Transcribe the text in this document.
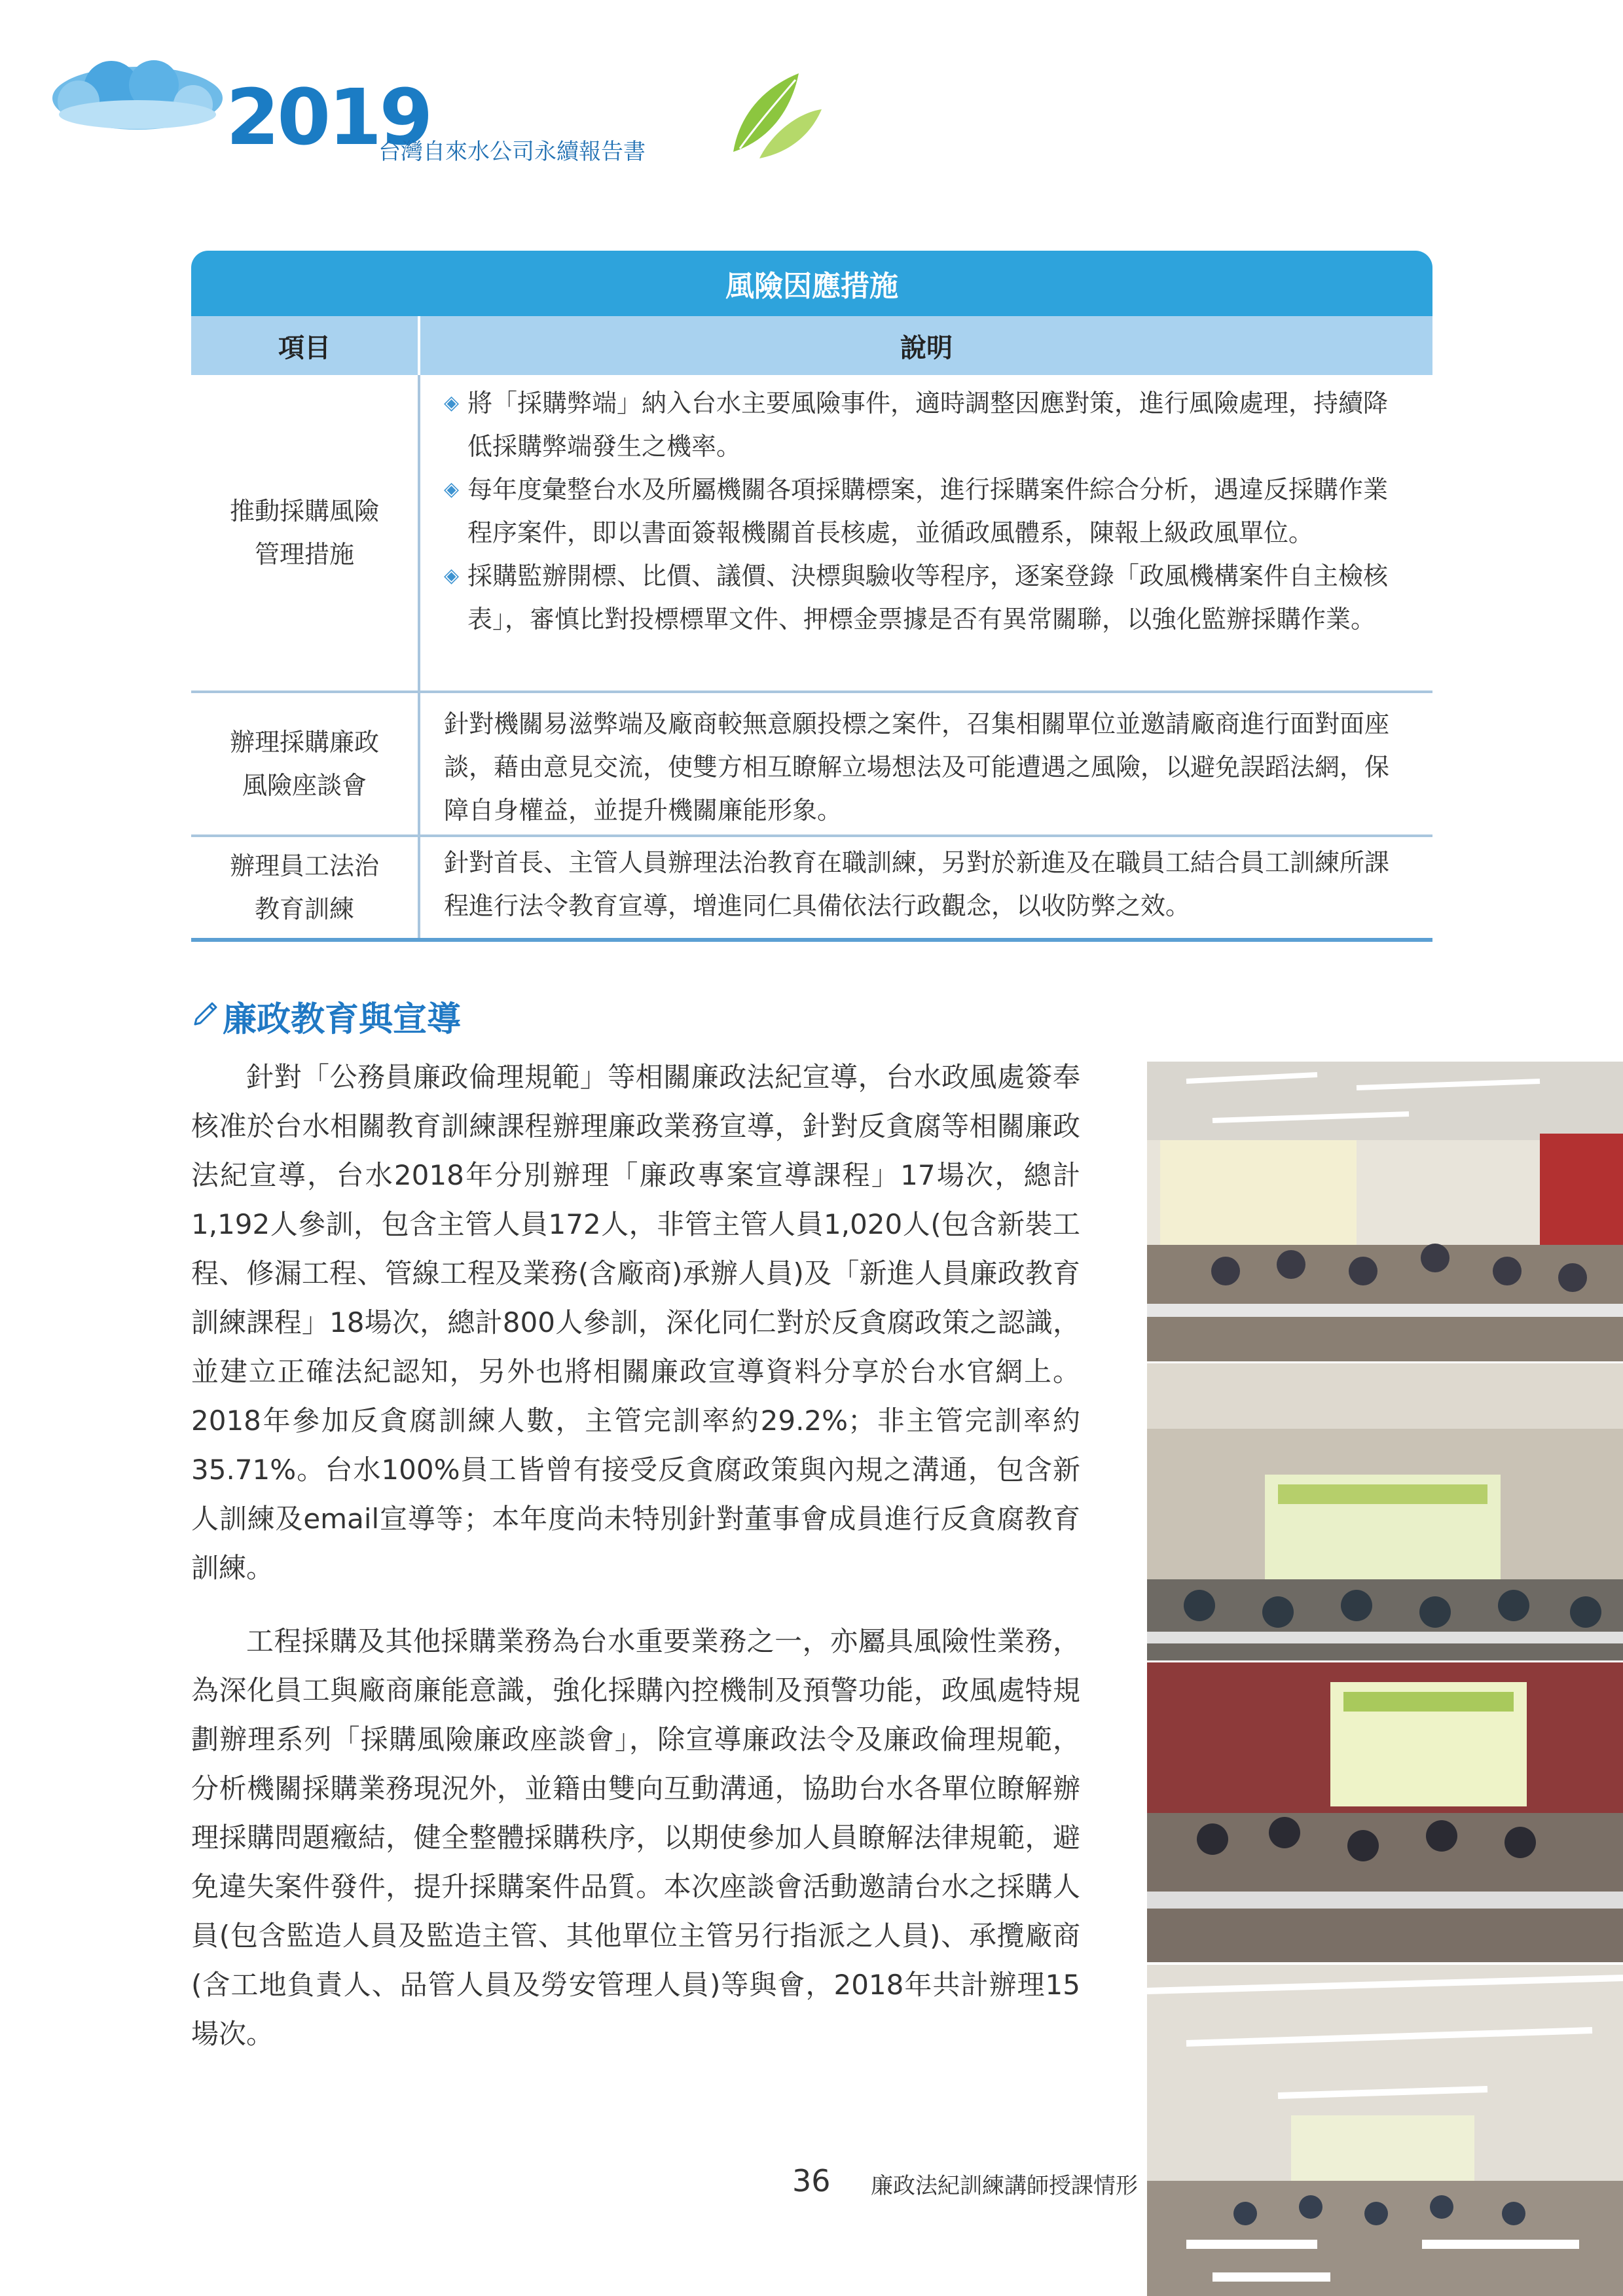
2019
台灣自來水公司永續報告書
風險因應措施
項目	說明
推動採購風險
管理措施
◈ 將「採購弊端」納入台水主要風險事件，適時調整因應對策，進行風險處理，持續降低採購弊端發生之機率。
◈ 每年度彙整台水及所屬機關各項採購標案，進行採購案件綜合分析，遇違反採購作業程序案件，即以書面簽報機關首長核處，並循政風體系，陳報上級政風單位。
◈ 採購監辦開標、比價、議價、決標與驗收等程序，逐案登錄「政風機構案件自主檢核表」，審慎比對投標標單文件、押標金票據是否有異常關聯，以強化監辦採購作業。
辦理採購廉政
風險座談會
針對機關易滋弊端及廠商較無意願投標之案件，召集相關單位並邀請廠商進行面對面座談，藉由意見交流，使雙方相互瞭解立場想法及可能遭遇之風險，以避免誤蹈法網，保障自身權益，並提升機關廉能形象。
辦理員工法治
教育訓練
針對首長、主管人員辦理法治教育在職訓練，另對於新進及在職員工結合員工訓練所課程進行法令教育宣導，增進同仁具備依法行政觀念，以收防弊之效。
廉政教育與宣導
針對「公務員廉政倫理規範」等相關廉政法紀宣導，台水政風處簽奉核准於台水相關教育訓練課程辦理廉政業務宣導，針對反貪腐等相關廉政法紀宣導，台水2018年分別辦理「廉政專案宣導課程」17場次，總計1,192人參訓，包含主管人員172人，非管主管人員1,020人(包含新裝工程、修漏工程、管線工程及業務(含廠商)承辦人員)及「新進人員廉政教育訓練課程」18場次，總計800人參訓，深化同仁對於反貪腐政策之認識，並建立正確法紀認知，另外也將相關廉政宣導資料分享於台水官網上。2018年參加反貪腐訓練人數，主管完訓率約29.2%；非主管完訓率約35.71%。台水100%員工皆曾有接受反貪腐政策與內規之溝通，包含新人訓練及email宣導等；本年度尚未特別針對董事會成員進行反貪腐教育訓練。
工程採購及其他採購業務為台水重要業務之一，亦屬具風險性業務，為深化員工與廠商廉能意識，強化採購內控機制及預警功能，政風處特規劃辦理系列「採購風險廉政座談會」，除宣導廉政法令及廉政倫理規範，分析機關採購業務現況外，並籍由雙向互動溝通，協助台水各單位瞭解辦理採購問題癥結，健全整體採購秩序，以期使參加人員瞭解法律規範，避免違失案件發件，提升採購案件品質。本次座談會活動邀請台水之採購人員(包含監造人員及監造主管、其他單位主管另行指派之人員)、承攬廠商(含工地負責人、品管人員及勞安管理人員)等與會，2018年共計辦理15場次。
廉政法紀訓練講師授課情形
36
